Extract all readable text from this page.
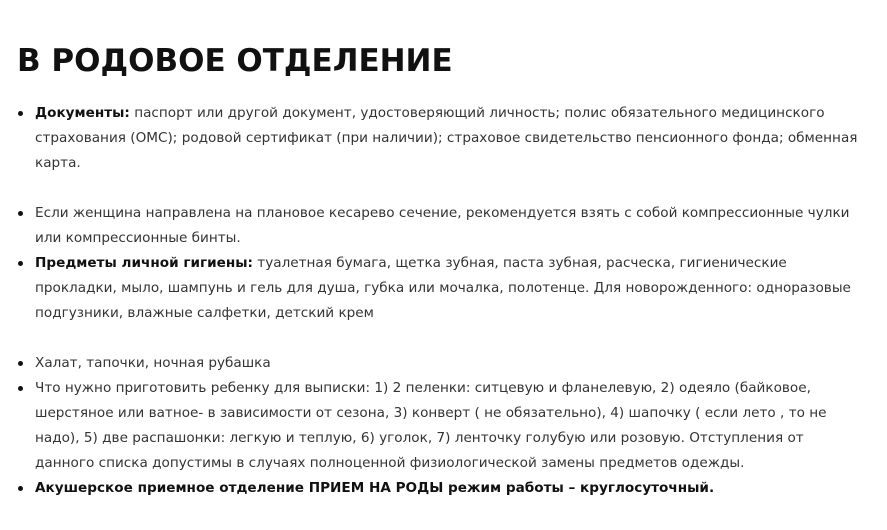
В РОДОВОЕ ОТДЕЛЕНИЕ
Документы: паспорт или другой документ, удостоверяющий личность; полис обязательного медицинского страхования (ОМС); родовой сертификат (при наличии); страховое свидетельство пенсионного фонда; обменная карта.
Если женщина направлена на плановое кесарево сечение, рекомендуется взять с собой компрессионные чулки или компрессионные бинты.
Предметы личной гигиены: туалетная бумага, щетка зубная, паста зубная, расческа, гигиенические прокладки, мыло, шампунь и гель для душа, губка или мочалка, полотенце. Для новорожденного: одноразовые подгузники, влажные салфетки, детский крем
Халат, тапочки, ночная рубашка
Что нужно приготовить ребенку для выписки: 1) 2 пеленки: ситцевую и фланелевую, 2) одеяло (байковое, шерстяное или ватное- в зависимости от сезона, 3) конверт ( не обязательно), 4) шапочку ( если лето , то не надо), 5) две распашонки: легкую и теплую, 6) уголок, 7) ленточку голубую или розовую. Отступления от данного списка допустимы в случаях полноценной физиологической замены предметов одежды.
Акушерское приемное отделение ПРИЕМ НА РОДЫ режим работы – круглосуточный.
